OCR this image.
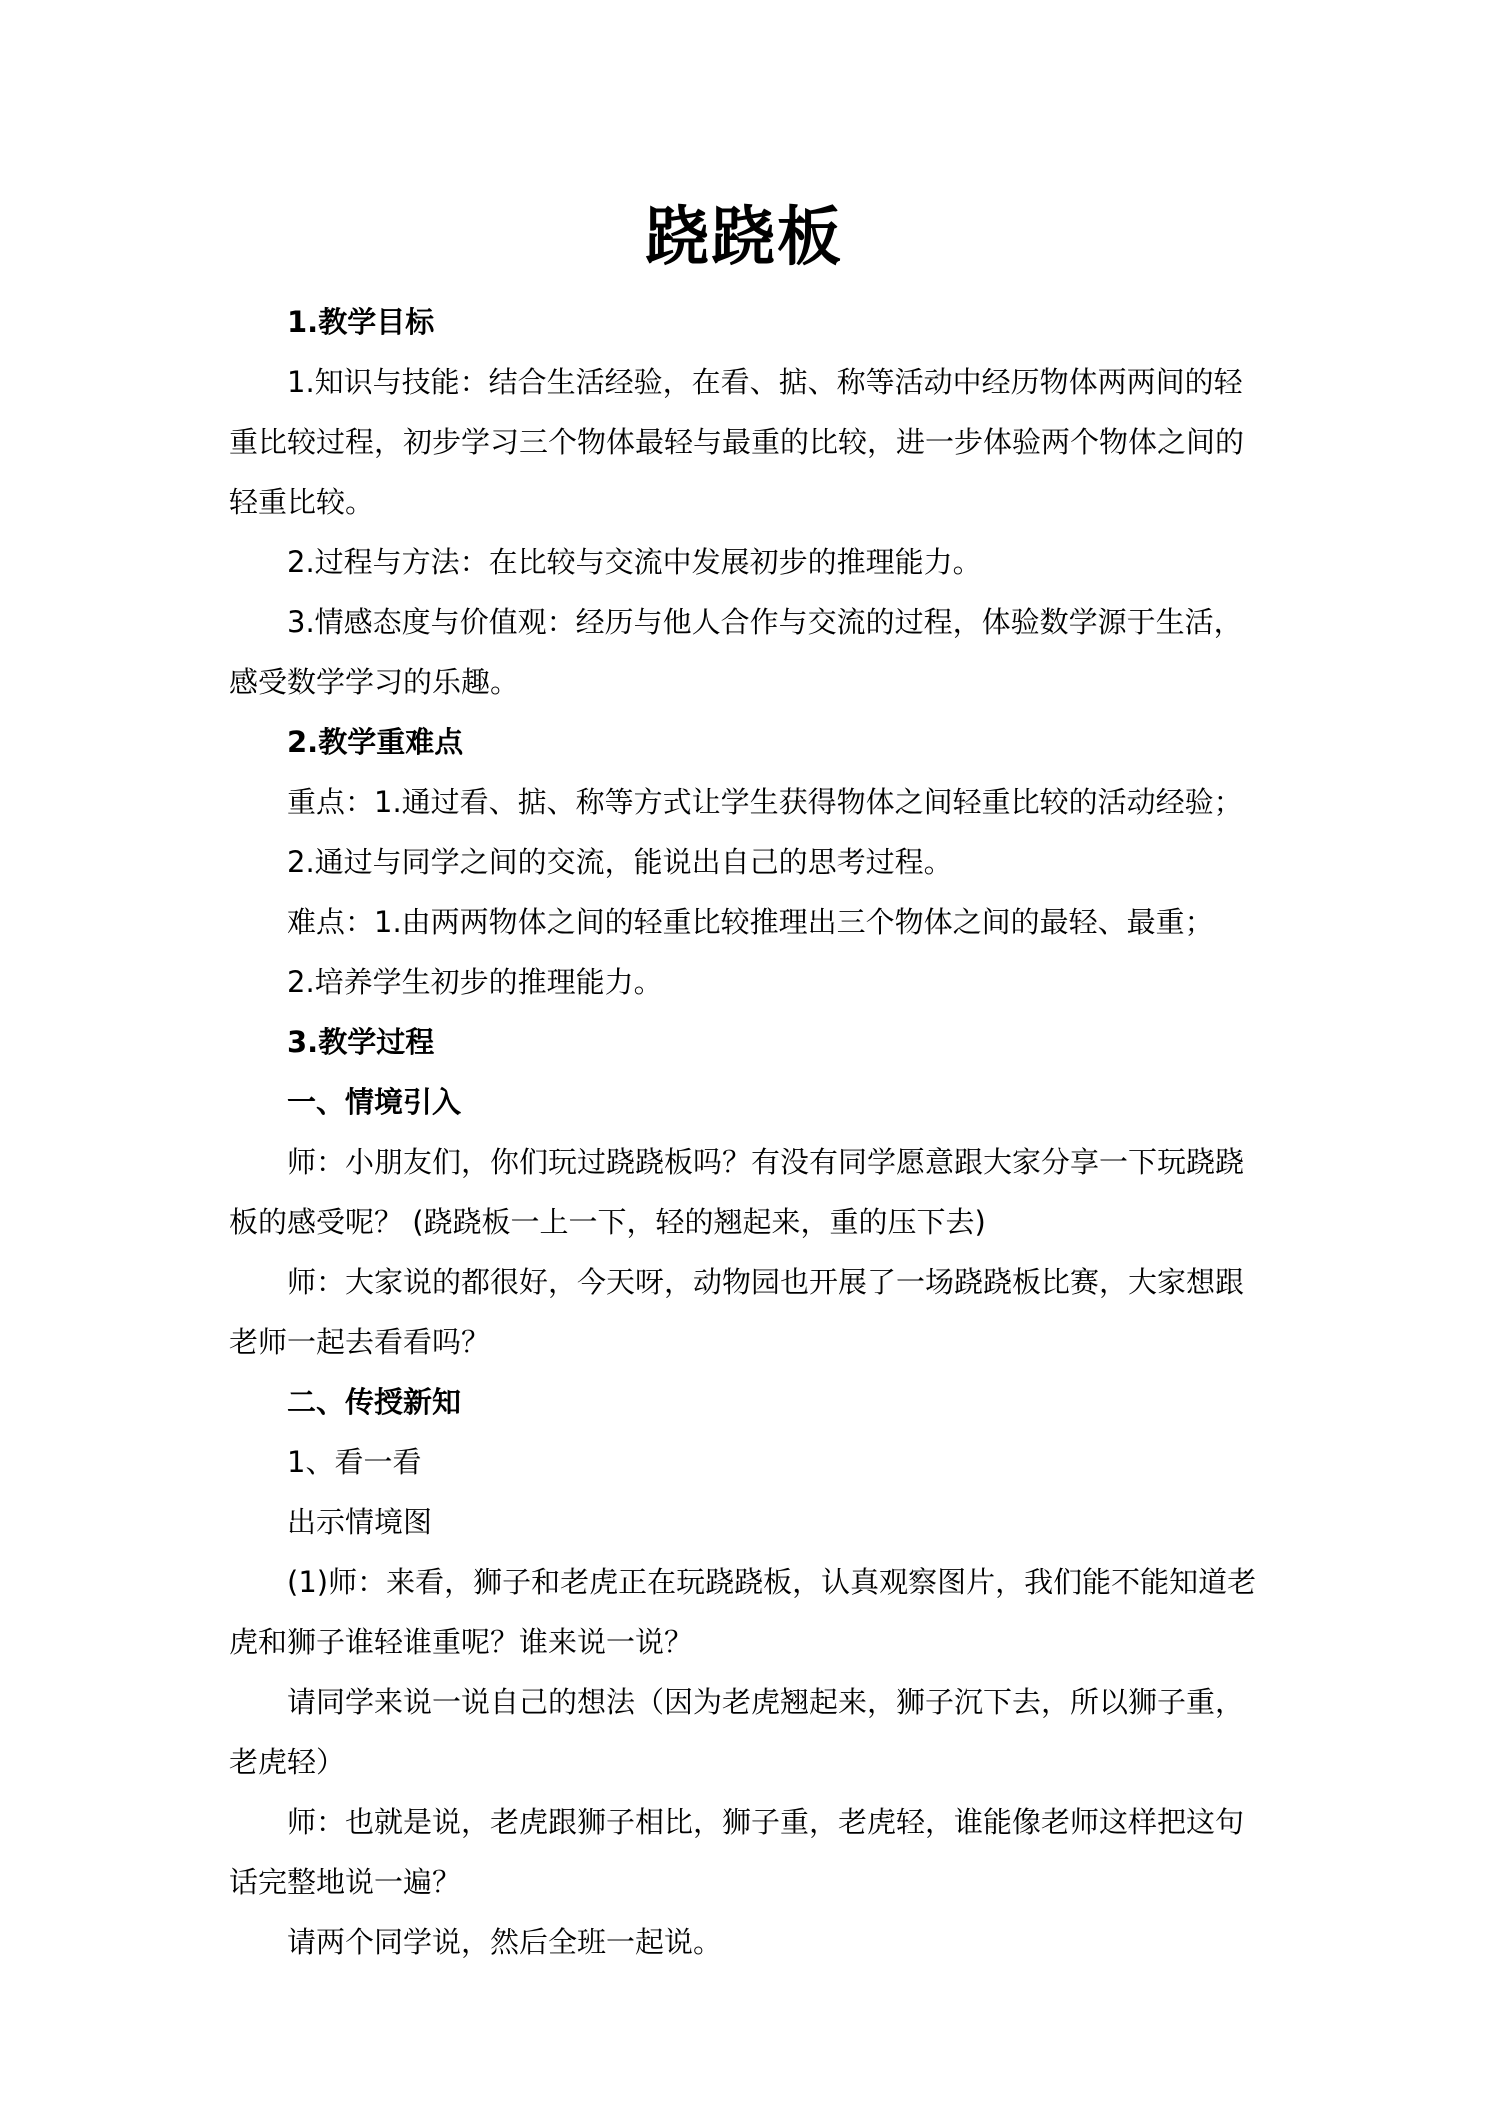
跷跷板

1.教学目标

1.知识与技能：结合生活经验，在看、掂、称等活动中经历物体两两间的轻重比较过程，初步学习三个物体最轻与最重的比较，进一步体验两个物体之间的轻重比较。

2.过程与方法：在比较与交流中发展初步的推理能力。

3.情感态度与价值观：经历与他人合作与交流的过程，体验数学源于生活，感受数学学习的乐趣。

2.教学重难点

重点：1.通过看、掂、称等方式让学生获得物体之间轻重比较的活动经验；

2.通过与同学之间的交流，能说出自己的思考过程。

难点：1.由两两物体之间的轻重比较推理出三个物体之间的最轻、最重；

2.培养学生初步的推理能力。

3.教学过程

一、情境引入

师：小朋友们，你们玩过跷跷板吗？有没有同学愿意跟大家分享一下玩跷跷板的感受呢？ (跷跷板一上一下，轻的翘起来，重的压下去)

师：大家说的都很好，今天呀，动物园也开展了一场跷跷板比赛，大家想跟老师一起去看看吗？

二、传授新知

1、看一看

出示情境图

(1)师：来看，狮子和老虎正在玩跷跷板，认真观察图片，我们能不能知道老虎和狮子谁轻谁重呢？谁来说一说？

请同学来说一说自己的想法（因为老虎翘起来，狮子沉下去，所以狮子重，老虎轻）

师：也就是说，老虎跟狮子相比，狮子重，老虎轻，谁能像老师这样把这句话完整地说一遍？

请两个同学说，然后全班一起说。
